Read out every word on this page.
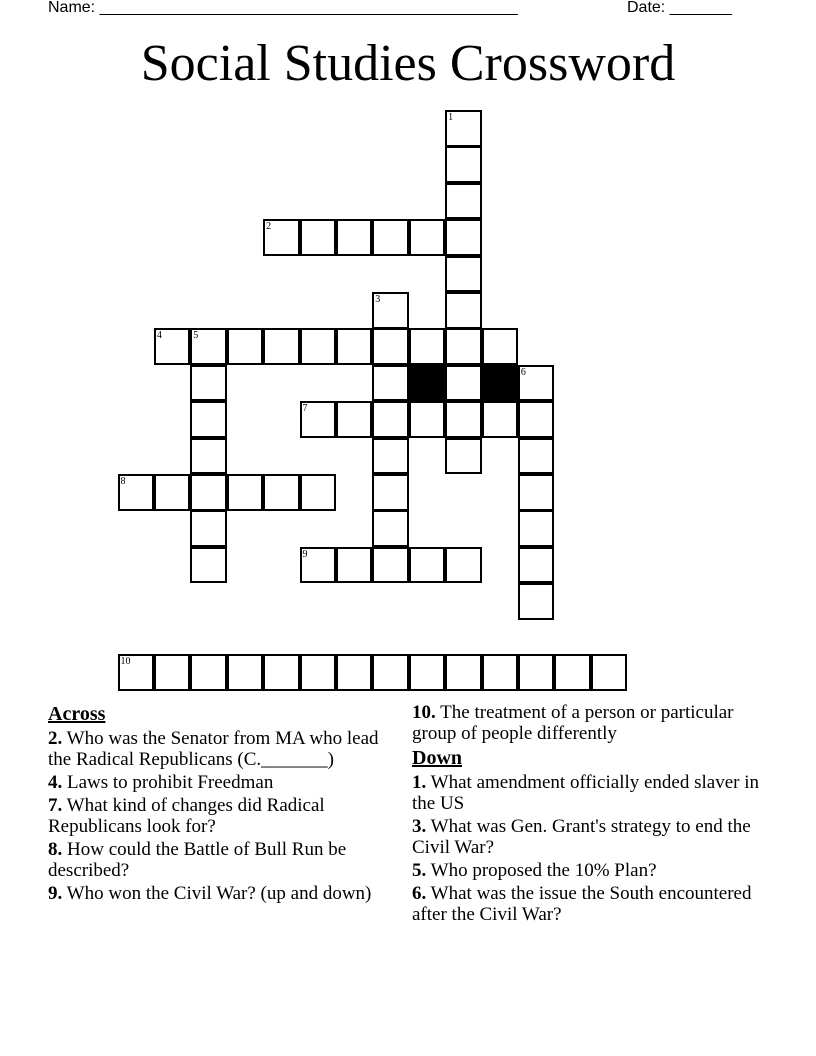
Name: _______________________________________________	Date: _______
Social Studies Crossword
1
2
3
4	5
6
7
8
9
10
Across
2. Who was the Senator from MA who lead the Radical Republicans (C._______)
4. Laws to prohibit Freedman
7. What kind of changes did Radical Republicans look for?
8. How could the Battle of Bull Run be described?
9. Who won the Civil War? (up and down)
10. The treatment of a person or particular group of people differently
Down
1. What amendment officially ended slaver in the US
3. What was Gen. Grant's strategy to end the Civil War?
5. Who proposed the 10% Plan?
6. What was the issue the South encountered after the Civil War?
